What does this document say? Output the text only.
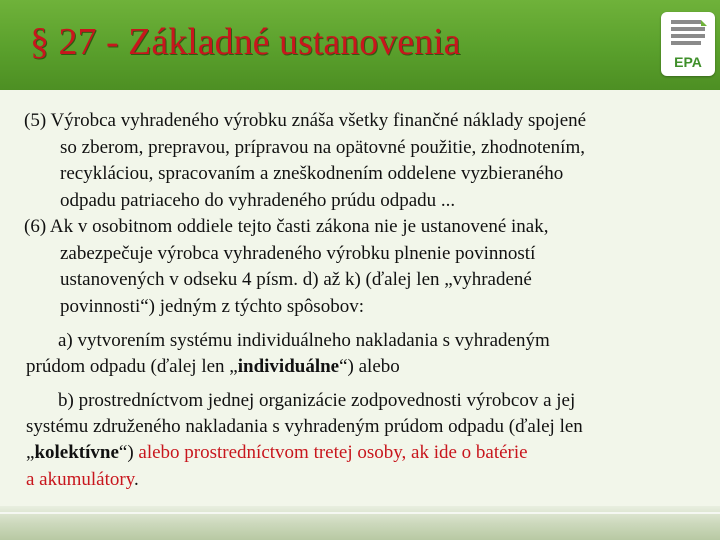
§ 27 - Základné ustanovenia	EPA
(5) Výrobca vyhradeného výrobku znáša všetky finančné náklady spojené
so zberom, prepravou, prípravou na opätovné použitie, zhodnotením,
recykláciou, spracovaním a zneškodnením oddelene vyzbieraného
odpadu patriaceho do vyhradeného prúdu odpadu ...
(6) Ak v osobitnom oddiele tejto časti zákona nie je ustanovené inak,
zabezpečuje výrobca vyhradeného výrobku plnenie povinností
ustanovených v odseku 4 písm. d) až k) (ďalej len „vyhradené
povinnosti“) jedným z týchto spôsobov:
a) vytvorením systému individuálneho nakladania s vyhradeným
prúdom odpadu (ďalej len „individuálne“) alebo
b) prostredníctvom jednej organizácie zodpovednosti výrobcov a jej
systému združeného nakladania s vyhradeným prúdom odpadu (ďalej len
„kolektívne“) alebo prostredníctvom tretej osoby, ak ide o batérie
a akumulátory.
